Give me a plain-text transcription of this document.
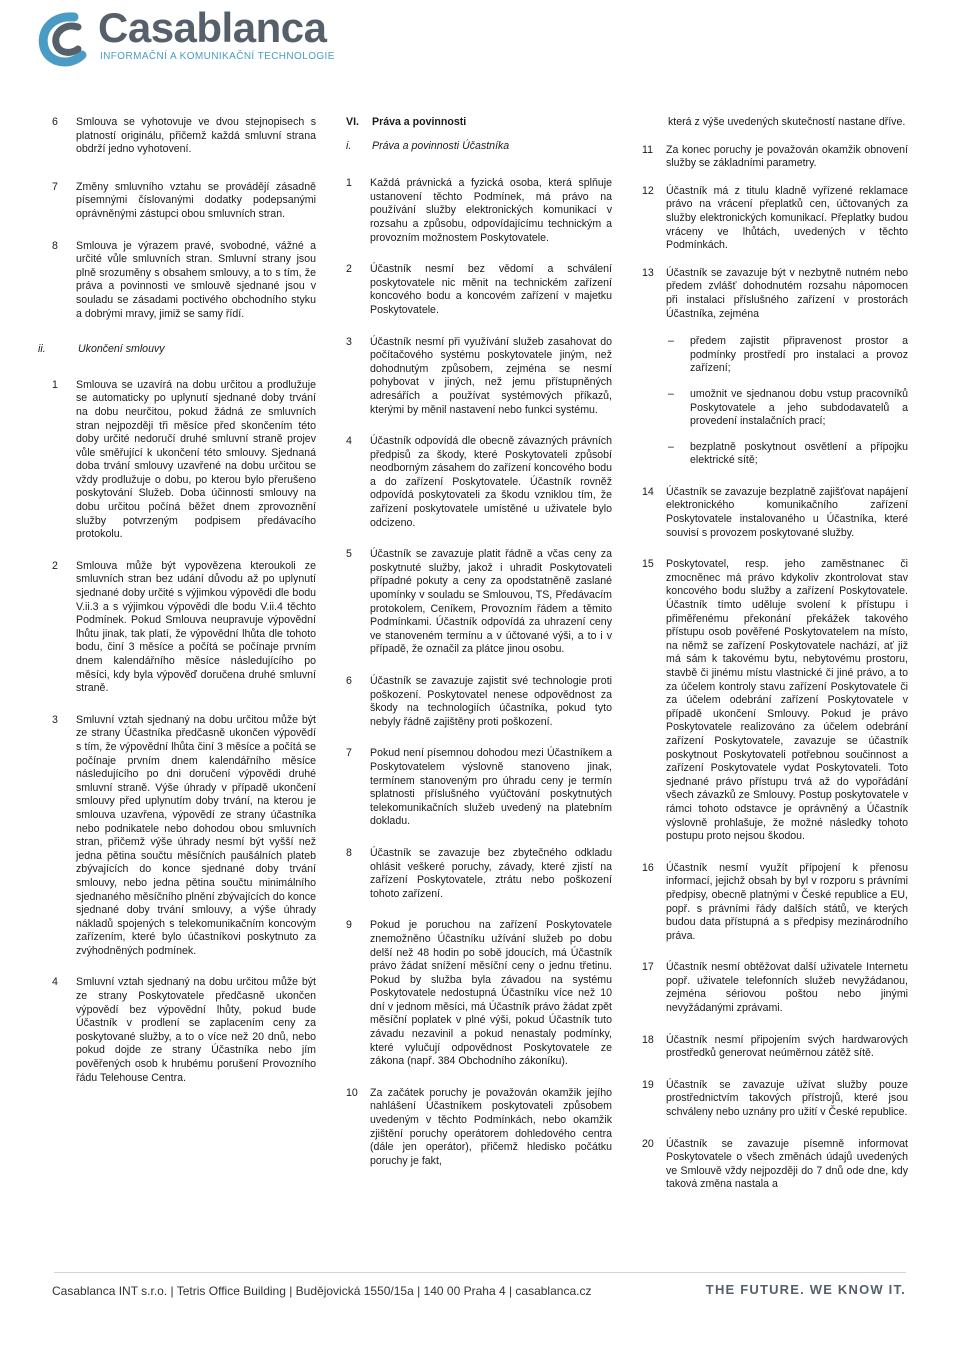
Casablanca
INFORMAČNÍ A KOMUNIKAČNÍ TECHNOLOGIE
6 Smlouva se vyhotovuje ve dvou stejnopisech s platností originálu, přičemž každá smluvní strana obdrží jedno vyhotovení.
7 Změny smluvního vztahu se provádějí zásadně písemnými číslovanými dodatky podepsanými oprávněnými zástupci obou smluvních stran.
8 Smlouva je výrazem pravé, svobodné, vážné a určité vůle smluvních stran. Smluvní strany jsou plně srozuměny s obsahem smlouvy, a to s tím, že práva a povinnosti ve smlouvě sjednané jsou v souladu se zásadami poctivého obchodního styku a dobrými mravy, jimiž se samy řídí.
ii.	Ukončení smlouvy
1 Smlouva se uzavírá na dobu určitou a prodlužuje se automaticky po uplynutí sjednané doby trvání na dobu neurčitou, pokud žádná ze smluvních stran nejpozději tři měsíce před skončením této doby určité nedoručí druhé smluvní straně projev vůle směřující k ukončení této smlouvy. Sjednaná doba trvání smlouvy uzavřené na dobu určitou se vždy prodlužuje o dobu, po kterou bylo přerušeno poskytování Služeb. Doba účinnosti smlouvy na dobu určitou počíná běžet dnem zprovoznění služby potvrzeným podpisem předávacího protokolu.
2 Smlouva může být vypovězena kteroukoli ze smluvních stran bez udání důvodu až po uplynutí sjednané doby určité s výjimkou výpovědi dle bodu V.ii.3 a s výjimkou výpovědi dle bodu V.ii.4 těchto Podmínek. Pokud Smlouva neupravuje výpovědní lhůtu jinak, tak platí, že výpovědní lhůta dle tohoto bodu, činí 3 měsíce a počítá se počínaje prvním dnem kalendářního měsíce následujícího po měsíci, kdy byla výpověď doručena druhé smluvní straně.
3 Smluvní vztah sjednaný na dobu určitou může být ze strany Účastníka předčasně ukončen výpovědí s tím, že výpovědní lhůta činí 3 měsíce a počítá se počínaje prvním dnem kalendářního měsíce následujícího po dni doručení výpovědi druhé smluvní straně. Výše úhrady v případě ukončení smlouvy před uplynutím doby trvání, na kterou je smlouva uzavřena, výpovědí ze strany účastníka nebo podnikatele nebo dohodou obou smluvních stran, přičemž výše úhrady nesmí být vyšší než jedna pětina součtu měsíčních paušálních plateb zbývajících do konce sjednané doby trvání smlouvy, nebo jedna pětina součtu minimálního sjednaného měsíčního plnění zbývajících do konce sjednané doby trvání smlouvy, a výše úhrady nákladů spojených s telekomunikačním koncovým zařízením, které bylo účastníkovi poskytnuto za zvýhodněných podmínek.
4 Smluvní vztah sjednaný na dobu určitou může být ze strany Poskytovatele předčasně ukončen výpovědí bez výpovědní lhůty, pokud bude Účastník v prodlení se zaplacením ceny za poskytované služby, a to o více než 20 dnů, nebo pokud dojde ze strany Účastníka nebo jím pověřených osob k hrubému porušení Provozního řádu Telehouse Centra.
VI. Práva a povinnosti
i. Práva a povinnosti Účastníka
1 Každá právnická a fyzická osoba, která splňuje ustanovení těchto Podmínek, má právo na používání služby elektronických komunikací v rozsahu a způsobu, odpovídajícímu technickým a provozním možnostem Poskytovatele.
2 Účastník nesmí bez vědomí a schválení poskytovatele nic měnit na technickém zařízení koncového bodu a koncovém zařízení v majetku Poskytovatele.
3 Účastník nesmí při využívání služeb zasahovat do počítačového systému poskytovatele jiným, než dohodnutým způsobem, zejména se nesmí pohybovat v jiných, než jemu přístupněných adresářích a používat systémových příkazů, kterými by měnil nastavení nebo funkci systému.
4 Účastník odpovídá dle obecně závazných právních předpisů za škody, které Poskytovateli způsobí neodborným zásahem do zařízení koncového bodu a do zařízení Poskytovatele. Účastník rovněž odpovídá poskytovateli za škodu vzniklou tím, že zařízení poskytovatele umístěné u uživatele bylo odcizeno.
5 Účastník se zavazuje platit řádně a včas ceny za poskytnuté služby, jakož i uhradit Poskytovateli případné pokuty a ceny za opodstatněně zaslané upomínky v souladu se Smlouvou, TS, Předávacím protokolem, Ceníkem, Provozním řádem a těmito Podmínkami. Účastník odpovídá za uhrazení ceny ve stanoveném termínu a v účtované výši, a to i v případě, že označil za plátce jinou osobu.
6 Účastník se zavazuje zajistit své technologie proti poškození. Poskytovatel nenese odpovědnost za škody na technologiích účastníka, pokud tyto nebyly řádně zajištěny proti poškození.
7 Pokud není písemnou dohodou mezi Účastníkem a Poskytovatelem výslovně stanoveno jinak, termínem stanoveným pro úhradu ceny je termín splatnosti příslušného vyúčtování poskytnutých telekomunikačních služeb uvedený na platebním dokladu.
8 Účastník se zavazuje bez zbytečného odkladu ohlásit veškeré poruchy, závady, které zjistí na zařízení Poskytovatele, ztrátu nebo poškození tohoto zařízení.
9 Pokud je poruchou na zařízení Poskytovatele znemožněno Účastníku užívání služeb po dobu delší než 48 hodin po sobě jdoucích, má Účastník právo žádat snížení měsíční ceny o jednu třetinu. Pokud by služba byla závadou na systému Poskytovatele nedostupná Účastníku více než 10 dní v jednom měsíci, má Účastník právo žádat zpět měsíční poplatek v plné výši, pokud Účastník tuto závadu nezavinil a pokud nenastaly podmínky, které vylučují odpovědnost Poskytovatele ze zákona (např. 384 Obchodního zákoníku).
10 Za začátek poruchy je považován okamžik jejího nahlášení Účastníkem poskytovateli způsobem uvedeným v těchto Podmínkách, nebo okamžik zjištění poruchy operátorem dohledového centra (dále jen operátor), přičemž hledisko počátku poruchy je fakt,
která z výše uvedených skutečností nastane dříve.
11 Za konec poruchy je považován okamžik obnovení služby se základními parametry.
12 Účastník má z titulu kladně vyřízené reklamace právo na vrácení přeplatků cen, účtovaných za služby elektronických komunikací. Přeplatky budou vráceny ve lhůtách, uvedených v těchto Podmínkách.
13 Účastník se zavazuje být v nezbytně nutném nebo předem zvlášť dohodnutém rozsahu nápomocen při instalaci příslušného zařízení v prostorách Účastníka, zejména
‒ předem zajistit připravenost prostor a podmínky prostředí pro instalaci a provoz zařízení;
‒ umožnit ve sjednanou dobu vstup pracovníků Poskytovatele a jeho subdodavatelů a provedení instalačních prací;
‒ bezplatně poskytnout osvětlení a přípojku elektrické sítě;
14 Účastník se zavazuje bezplatně zajišťovat napájení elektronického komunikačního zařízení Poskytovatele instalovaného u Účastníka, které souvisí s provozem poskytované služby.
15 Poskytovatel, resp. jeho zaměstnanec či zmocněnec má právo kdykoliv zkontrolovat stav koncového bodu služby a zařízení Poskytovatele. Účastník tímto uděluje svolení k přístupu i přiměřenému překonání překážek takového přístupu osob pověřené Poskytovatelem na místo, na němž se zařízení Poskytovatele nachází, ať již má sám k takovému bytu, nebytovému prostoru, stavbě či jinému místu vlastnické či jiné právo, a to za účelem kontroly stavu zařízení Poskytovatele či za účelem odebrání zařízení Poskytovatele v případě ukončení Smlouvy. Pokud je právo Poskytovatele realizováno za účelem odebrání zařízení Poskytovatele, zavazuje se účastník poskytnout Poskytovateli potřebnou součinnost a zařízení Poskytovatele vydat Poskytovateli. Toto sjednané právo přístupu trvá až do vypořádání všech závazků ze Smlouvy. Postup poskytovatele v rámci tohoto odstavce je oprávněný a Účastník výslovně prohlašuje, že možné následky tohoto postupu proto nejsou škodou.
16 Účastník nesmí využít přípojení k přenosu informací, jejichž obsah by byl v rozporu s právními předpisy, obecně platnými v České republice a EU, popř. s právními řády dalších států, ve kterých budou data přístupná a s předpisy mezinárodního práva.
17 Účastník nesmí obtěžovat další uživatele Internetu popř. uživatele telefonních služeb nevyžádanou, zejména sériovou poštou nebo jinými nevyžádanými zprávami.
18 Účastník nesmí připojením svých hardwarových prostředků generovat neúměrnou zátěž sítě.
19 Účastník se zavazuje užívat služby pouze prostřednictvím takových přístrojů, které jsou schváleny nebo uznány pro užití v České republice.
20 Účastník se zavazuje písemně informovat Poskytovatele o všech změnách údajů uvedených ve Smlouvě vždy nejpozději do 7 dnů ode dne, kdy taková změna nastala a
Casablanca INT s.r.o. | Tetris Office Building | Budějovická 1550/15a | 140 00 Praha 4 | casablanca.cz	THE FUTURE. WE KNOW IT.
